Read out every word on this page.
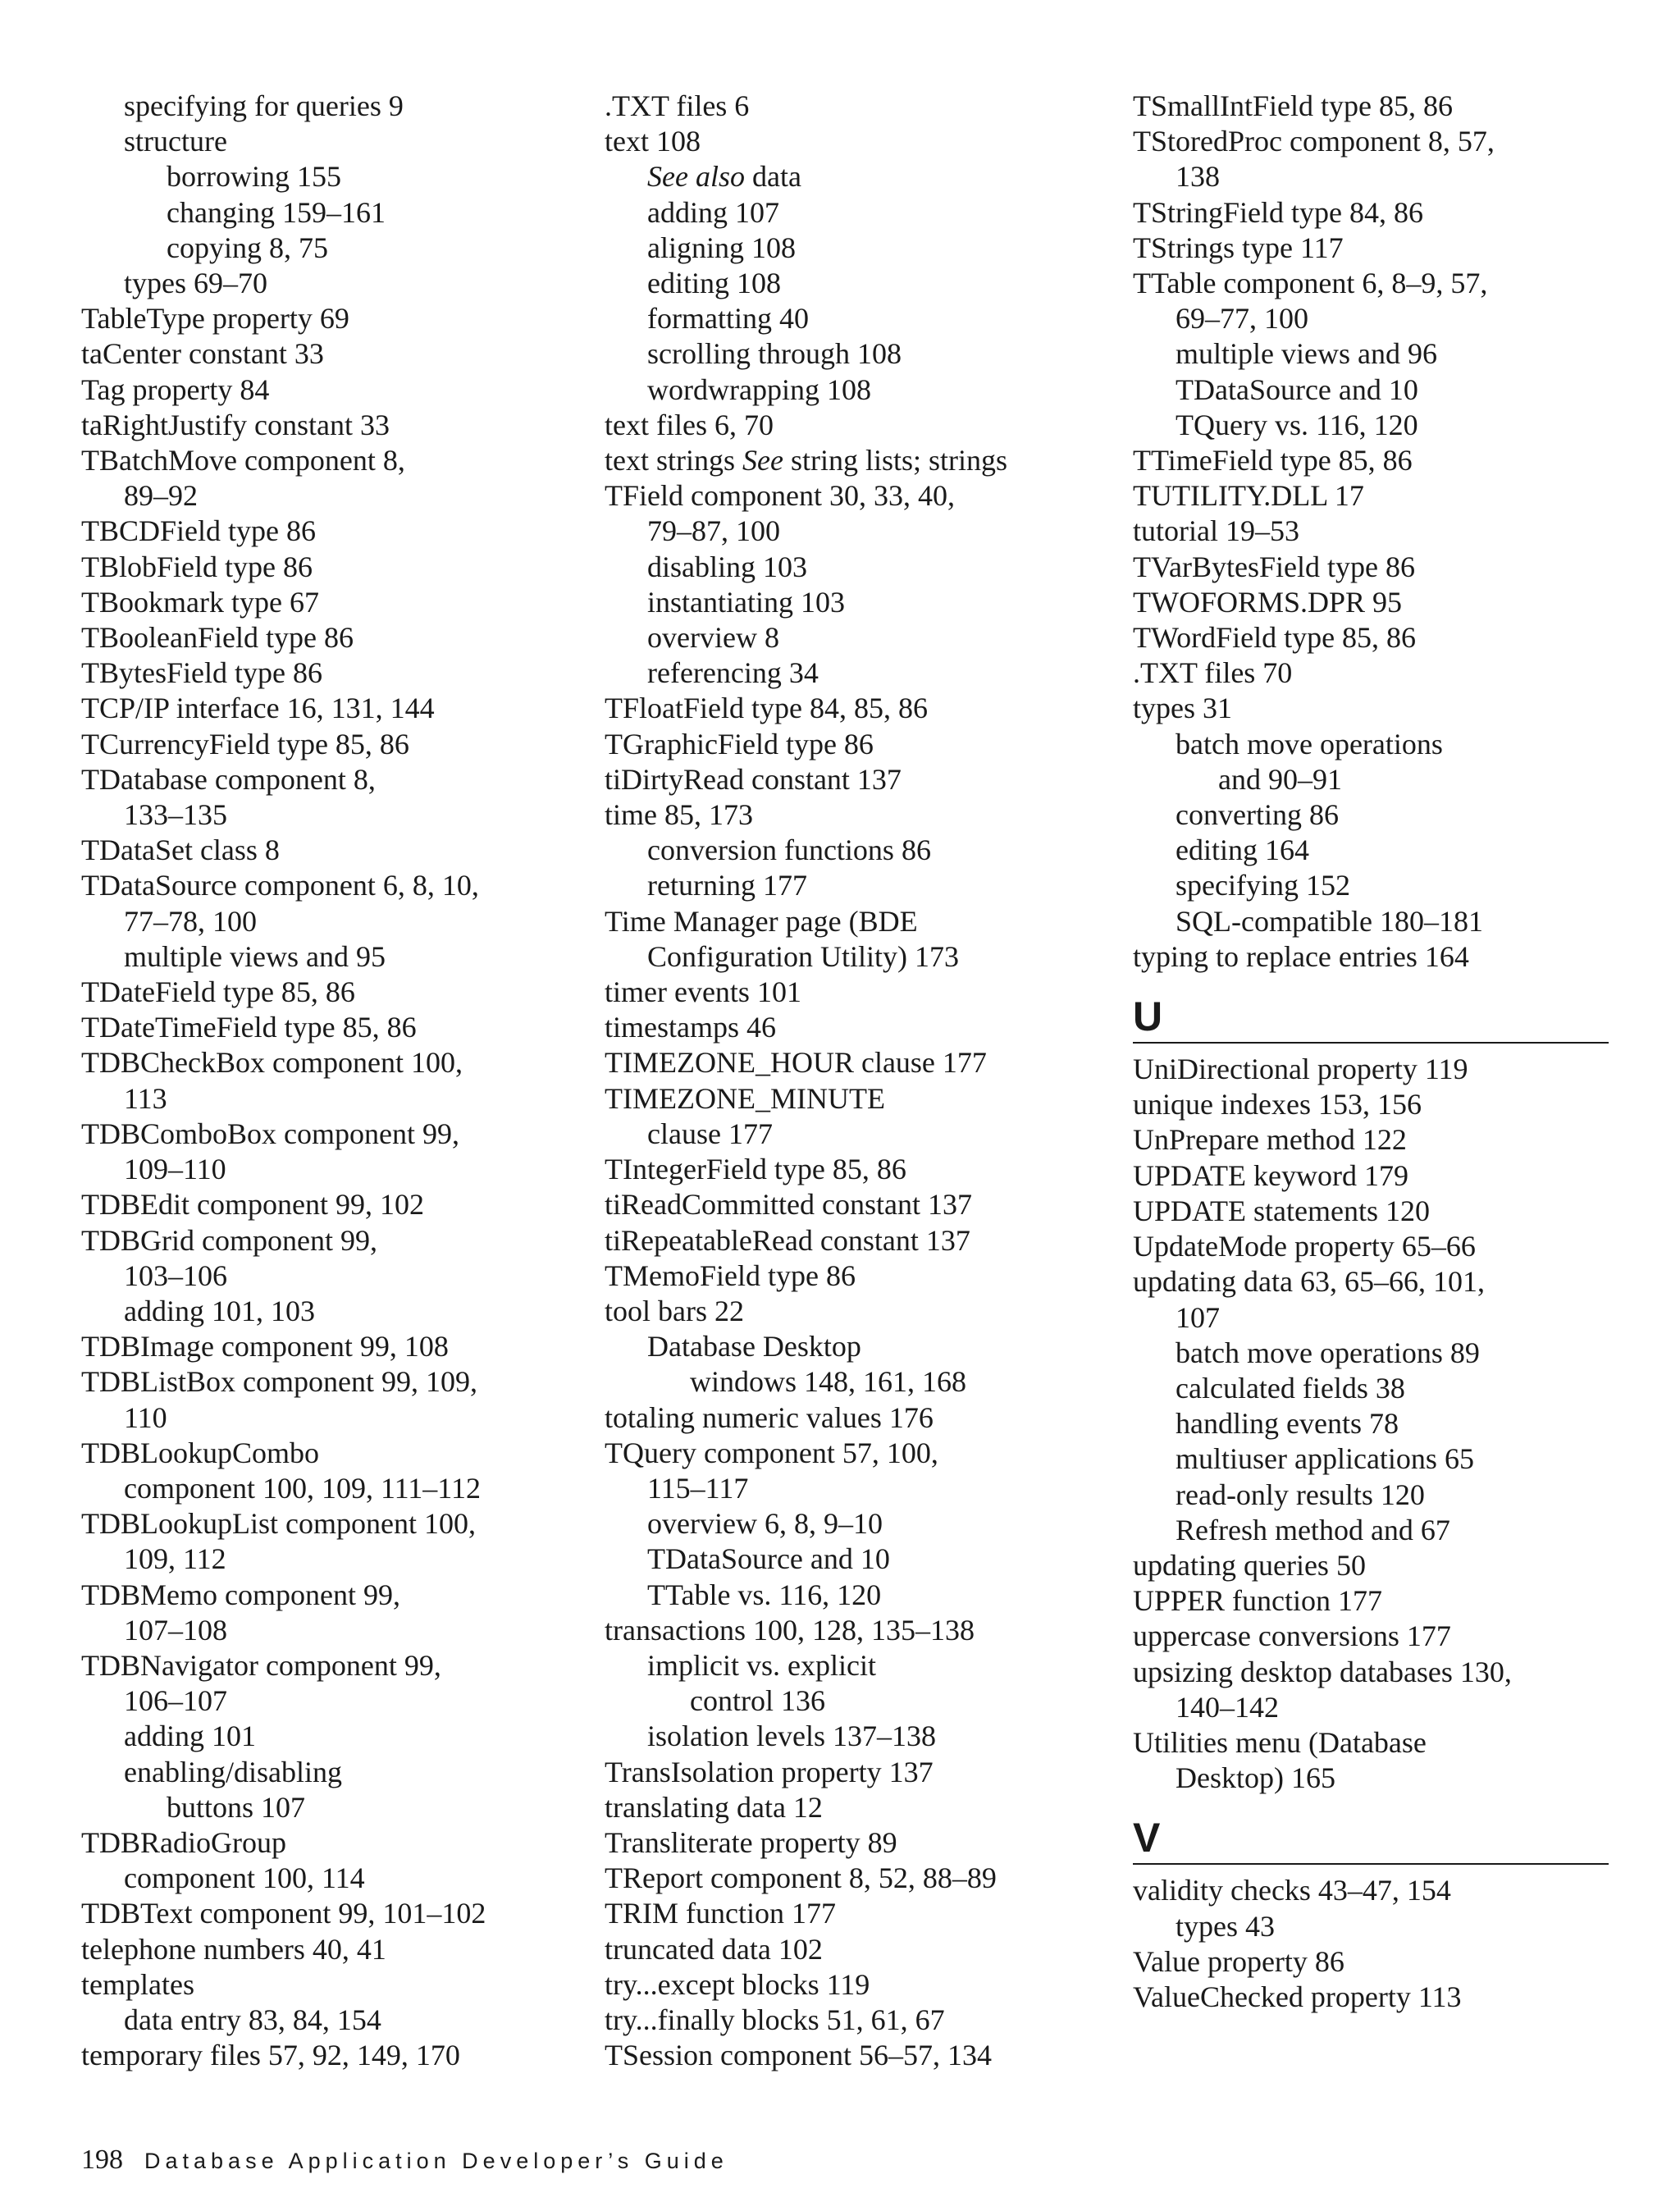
specifying for queries 9
structure
borrowing 155
changing 159–161
copying 8, 75
types 69–70
TableType property 69
taCenter constant 33
Tag property 84
taRightJustify constant 33
TBatchMove component 8,
89–92
TBCDField type 86
TBlobField type 86
TBookmark type 67
TBooleanField type 86
TBytesField type 86
TCP/IP interface 16, 131, 144
TCurrencyField type 85, 86
TDatabase component 8,
133–135
TDataSet class 8
TDataSource component 6, 8, 10,
77–78, 100
multiple views and 95
TDateField type 85, 86
TDateTimeField type 85, 86
TDBCheckBox component 100,
113
TDBComboBox component 99,
109–110
TDBEdit component 99, 102
TDBGrid component 99,
103–106
adding 101, 103
TDBImage component 99, 108
TDBListBox component 99, 109,
110
TDBLookupCombo
component 100, 109, 111–112
TDBLookupList component 100,
109, 112
TDBMemo component 99,
107–108
TDBNavigator component 99,
106–107
adding 101
enabling/disabling
buttons 107
TDBRadioGroup
component 100, 114
TDBText component 99, 101–102
telephone numbers 40, 41
templates
data entry 83, 84, 154
temporary files 57, 92, 149, 170
.TXT files 6
text 108
See also data
adding 107
aligning 108
editing 108
formatting 40
scrolling through 108
wordwrapping 108
text files 6, 70
text strings See string lists; strings
TField component 30, 33, 40,
79–87, 100
disabling 103
instantiating 103
overview 8
referencing 34
TFloatField type 84, 85, 86
TGraphicField type 86
tiDirtyRead constant 137
time 85, 173
conversion functions 86
returning 177
Time Manager page (BDE
Configuration Utility) 173
timer events 101
timestamps 46
TIMEZONE_HOUR clause 177
TIMEZONE_MINUTE
clause 177
TIntegerField type 85, 86
tiReadCommitted constant 137
tiRepeatableRead constant 137
TMemoField type 86
tool bars 22
Database Desktop
windows 148, 161, 168
totaling numeric values 176
TQuery component 57, 100,
115–117
overview 6, 8, 9–10
TDataSource and 10
TTable vs. 116, 120
transactions 100, 128, 135–138
implicit vs. explicit
control 136
isolation levels 137–138
TransIsolation property 137
translating data 12
Transliterate property 89
TReport component 8, 52, 88–89
TRIM function 177
truncated data 102
try...except blocks 119
try...finally blocks 51, 61, 67
TSession component 56–57, 134
TSmallIntField type 85, 86
TStoredProc component 8, 57,
138
TStringField type 84, 86
TStrings type 117
TTable component 6, 8–9, 57,
69–77, 100
multiple views and 96
TDataSource and 10
TQuery vs. 116, 120
TTimeField type 85, 86
TUTILITY.DLL 17
tutorial 19–53
TVarBytesField type 86
TWOFORMS.DPR 95
TWordField type 85, 86
.TXT files 70
types 31
batch move operations
and 90–91
converting 86
editing 164
specifying 152
SQL-compatible 180–181
typing to replace entries 164
U
UniDirectional property 119
unique indexes 153, 156
UnPrepare method 122
UPDATE keyword 179
UPDATE statements 120
UpdateMode property 65–66
updating data 63, 65–66, 101,
107
batch move operations 89
calculated fields 38
handling events 78
multiuser applications 65
read-only results 120
Refresh method and 67
updating queries 50
UPPER function 177
uppercase conversions 177
upsizing desktop databases 130,
140–142
Utilities menu (Database
Desktop) 165
V
validity checks 43–47, 154
types 43
Value property 86
ValueChecked property 113
198 Database Application Developer’s Guide
